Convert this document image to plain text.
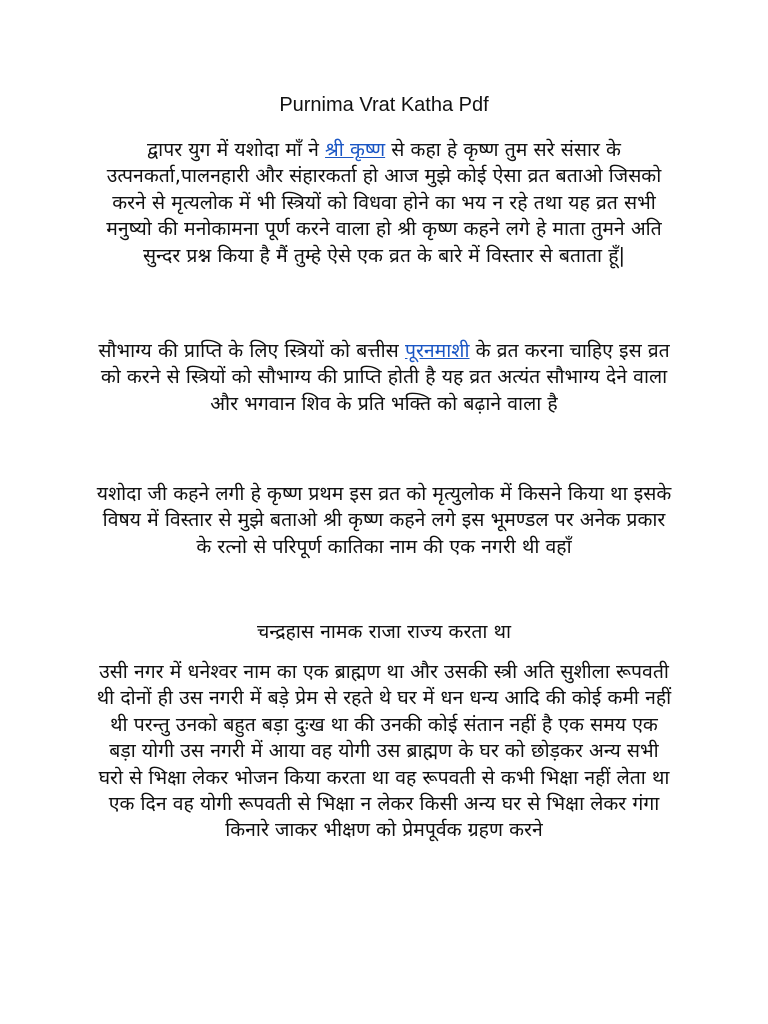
Purnima Vrat Katha Pdf
द्वापर युग में यशोदा माँ ने श्री कृष्ण से कहा हे कृष्ण तुम सरे संसार के उत्पनकर्ता,पालनहारी और संहारकर्ता हो आज मुझे कोई ऐसा व्रत बताओ जिसको करने से मृत्यलोक में भी स्त्रियों को विधवा होने का भय न रहे तथा यह व्रत सभी मनुष्यो की मनोकामना पूर्ण करने वाला हो श्री कृष्ण कहने लगे हे माता तुमने अति सुन्दर प्रश्न किया है मैं तुम्हे ऐसे एक व्रत के बारे में विस्तार से बताता हूँ|
सौभाग्य की प्राप्ति के लिए स्त्रियों को बत्तीस पूरनमाशी के व्रत करना चाहिए इस व्रत को करने से स्त्रियों को सौभाग्य की प्राप्ति होती है यह व्रत अत्यंत सौभाग्य देने वाला और भगवान शिव के प्रति भक्ति को बढ़ाने वाला है
यशोदा जी कहने लगी हे कृष्ण प्रथम इस व्रत को मृत्युलोक में किसने किया था इसके विषय में विस्तार से मुझे बताओ श्री कृष्ण कहने लगे इस भूमण्डल पर अनेक प्रकार के रत्नो से परिपूर्ण कातिका नाम की एक नगरी थी वहाँ
चन्द्रहास नामक राजा राज्य करता था
उसी नगर में धनेश्वर नाम का एक ब्राह्मण था और उसकी स्त्री अति सुशीला रूपवती थी दोनों ही उस नगरी में बड़े प्रेम से रहते थे घर में धन धन्य आदि की कोई कमी नहीं थी परन्तु उनको बहुत बड़ा दुःख था की उनकी कोई संतान नहीं है एक समय एक बड़ा योगी उस नगरी में आया वह योगी उस ब्राह्मण के घर को छोड़कर अन्य सभी घरो से भिक्षा लेकर भोजन किया करता था वह रूपवती से कभी भिक्षा नहीं लेता था एक दिन वह योगी रूपवती से भिक्षा न लेकर किसी अन्य घर से भिक्षा लेकर गंगा किनारे जाकर भीक्षण को प्रेमपूर्वक ग्रहण करने
